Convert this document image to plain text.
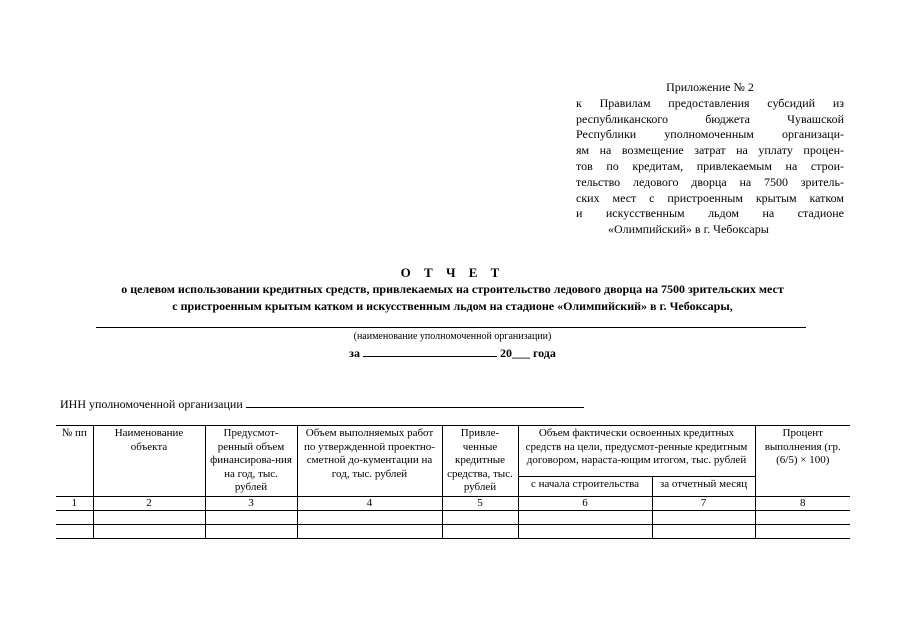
Приложение № 2
к Правилам предоставления субсидий из
республиканского бюджета Чувашской
Республики уполномоченным организаци-
ям на возмещение затрат на уплату процен-
тов по кредитам, привлекаемым на строи-
тельство ледового дворца на 7500 зритель-
ских мест с пристроенным крытым катком
и искусственным льдом на стадионе
«Олимпийский» в г. Чебоксары
О Т Ч Е Т
о целевом использовании кредитных средств, привлекаемых на строительство ледового дворца на 7500 зрительских мест
с пристроенным крытым катком и искусственным льдом на стадионе «Олимпийский» в г. Чебоксары,
(наименование уполномоченной организации)
за	20___ года
ИНН уполномоченной организации
№ пп	Наименование объекта	Предусмот-ренный объем финансирова-ния на год, тыс. рублей	Объем выполняемых работ по утвержденной проектно-сметной до-кументации на год, тыс. рублей	Привле-ченные кредитные средства, тыс. рублей	Объем фактически освоенных кредитных средств на цели, предусмот-ренные кредитным договором, нараста-ющим итогом, тыс. рублей		Процент выполнения (гр. (6/5) × 100)
					с начала строительства	за отчетный месяц	
1	2	3	4	5	6	7	8
